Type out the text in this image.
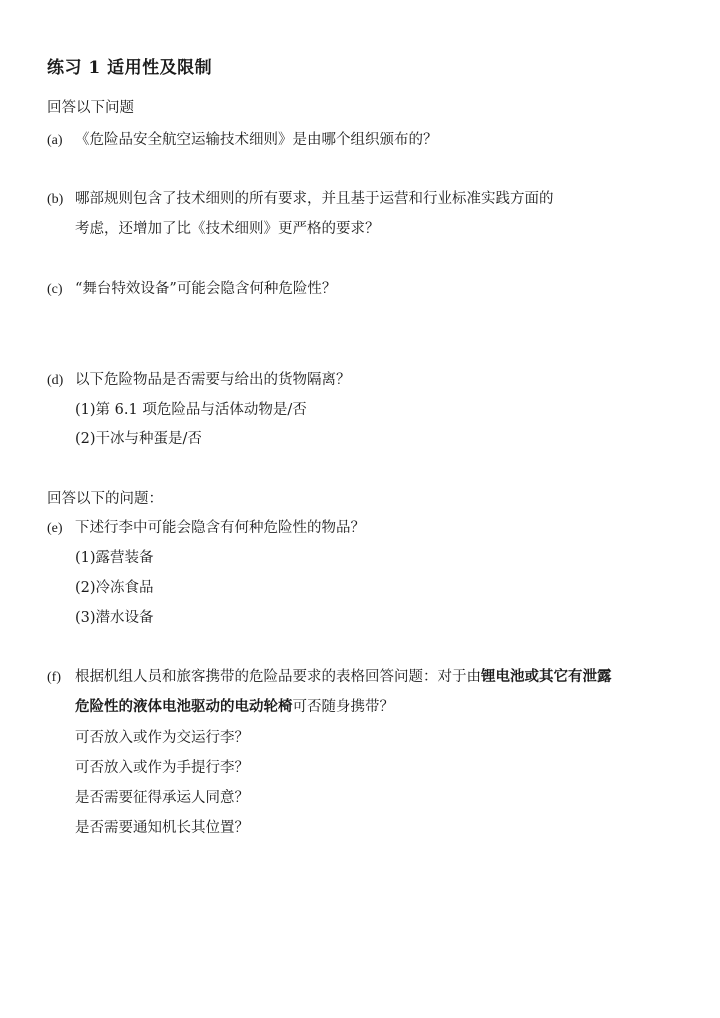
练习 1 适用性及限制
回答以下问题
(a) 《危险品安全航空运输技术细则》是由哪个组织颁布的？
(b) 哪部规则包含了技术细则的所有要求，并且基于运营和行业标准实践方面的
考虑，还增加了比《技术细则》更严格的要求？
(c) “舞台特效设备”可能会隐含何种危险性？
(d) 以下危险物品是否需要与给出的货物隔离？
(1)第 6.1 项危险品与活体动物是/否
(2)干冰与种蛋是/否
回答以下的问题：
(e) 下述行李中可能会隐含有何种危险性的物品？
(1)露营装备
(2)冷冻食品
(3)潜水设备
(f) 根据机组人员和旅客携带的危险品要求的表格回答问题：对于由锂电池或其它有泄露
危险性的液体电池驱动的电动轮椅可否随身携带？
可否放入或作为交运行李？
可否放入或作为手提行李？
是否需要征得承运人同意？
是否需要通知机长其位置？
